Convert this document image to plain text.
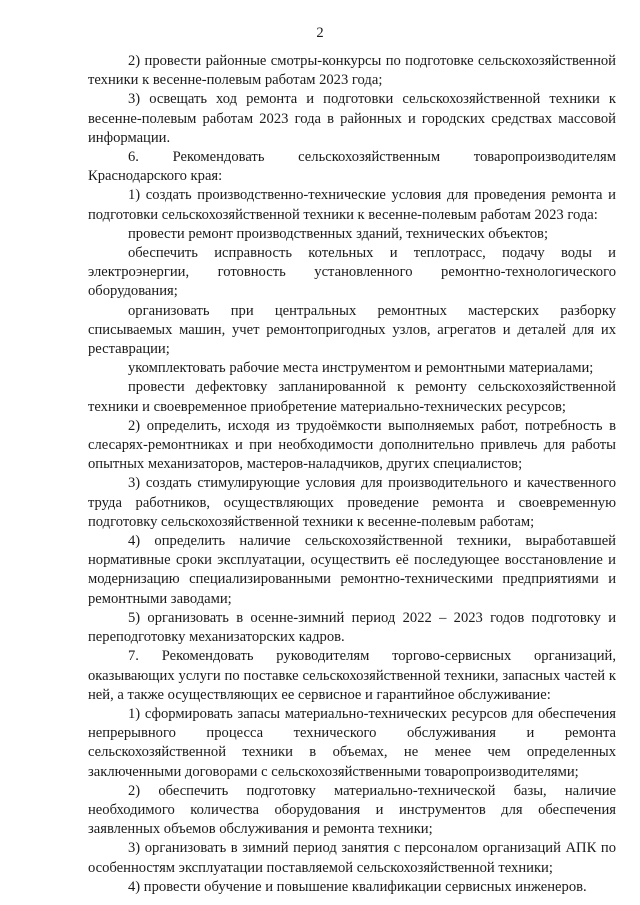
2

2) провести районные смотры-конкурсы по подготовке сельскохозяйственной техники к весенне-полевым работам 2023 года;

3) освещать ход ремонта и подготовки сельскохозяйственной техники к весенне-полевым работам 2023 года в районных и городских средствах массовой информации.

6. Рекомендовать сельскохозяйственным товаропроизводителям Краснодарского края:

1) создать производственно-технические условия для проведения ремонта и подготовки сельскохозяйственной техники к весенне-полевым работам 2023 года:

провести ремонт производственных зданий, технических объектов;

обеспечить исправность котельных и теплотрасс, подачу воды и электроэнергии, готовность установленного ремонтно-технологического оборудования;

организовать при центральных ремонтных мастерских разборку списываемых машин, учет ремонтопригодных узлов, агрегатов и деталей для их реставрации;

укомплектовать рабочие места инструментом и ремонтными материалами;

провести дефектовку запланированной к ремонту сельскохозяйственной техники и своевременное приобретение материально-технических ресурсов;

2) определить, исходя из трудоёмкости выполняемых работ, потребность в слесарях-ремонтниках и при необходимости дополнительно привлечь для работы опытных механизаторов, мастеров-наладчиков, других специалистов;

3) создать стимулирующие условия для производительного и качественного труда работников, осуществляющих проведение ремонта и своевременную подготовку сельскохозяйственной техники к весенне-полевым работам;

4) определить наличие сельскохозяйственной техники, выработавшей нормативные сроки эксплуатации, осуществить её последующее восстановление и модернизацию специализированными ремонтно-техническими предприятиями и ремонтными заводами;

5) организовать в осенне-зимний период 2022 – 2023 годов подготовку и переподготовку механизаторских кадров.

7. Рекомендовать руководителям торгово-сервисных организаций, оказывающих услуги по поставке сельскохозяйственной техники, запасных частей к ней, а также осуществляющих ее сервисное и гарантийное обслуживание:

1) сформировать запасы материально-технических ресурсов для обеспечения непрерывного процесса технического обслуживания и ремонта сельскохозяйственной техники в объемах, не менее чем определенных заключенными договорами с сельскохозяйственными товаропроизводителями;

2) обеспечить подготовку материально-технической базы, наличие необходимого количества оборудования и инструментов для обеспечения заявленных объемов обслуживания и ремонта техники;

3) организовать в зимний период занятия с персоналом организаций АПК по особенностям эксплуатации поставляемой сельскохозяйственной техники;

4) провести обучение и повышение квалификации сервисных инженеров.
